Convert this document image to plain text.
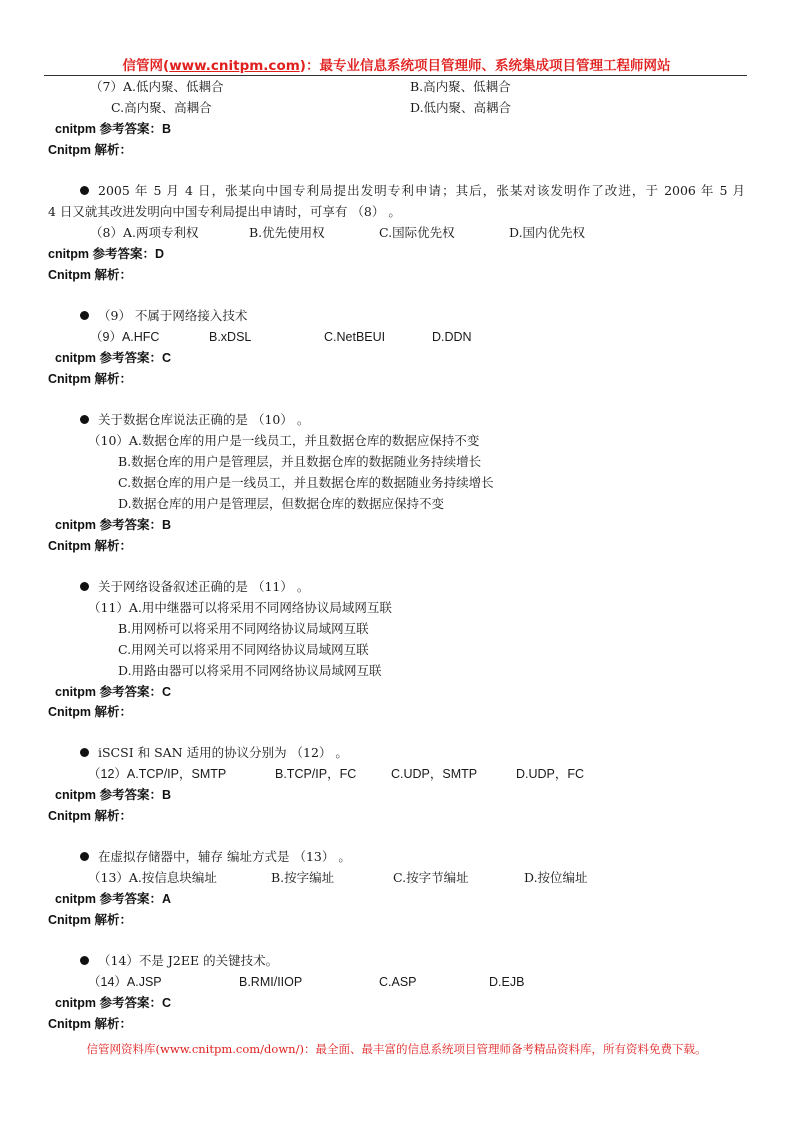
信管网(www.cnitpm.com)：最专业信息系统项目管理师、系统集成项目管理工程师网站
（7）A.低内聚、低耦合	B.高内聚、低耦合
C.高内聚、高耦合	D.低内聚、高耦合
cnitpm 参考答案：B
Cnitpm 解析：
2005 年 5 月 4 日，张某向中国专利局提出发明专利申请；其后，张某对该发明作了改进，于 2006 年 5 月
4 日又就其改进发明向中国专利局提出申请时，可享有 （8） 。
（8）A.两项专利权	B.优先使用权	C.国际优先权	D.国内优先权
cnitpm 参考答案：D
Cnitpm 解析：
（9） 不属于网络接入技术
（9）A.HFC	B.xDSL	C.NetBEUI	D.DDN
cnitpm 参考答案：C
Cnitpm 解析：
关于数据仓库说法正确的是 （10） 。
（10）A.数据仓库的用户是一线员工，并且数据仓库的数据应保持不变
B.数据仓库的用户是管理层，并且数据仓库的数据随业务持续增长
C.数据仓库的用户是一线员工，并且数据仓库的数据随业务持续增长
D.数据仓库的用户是管理层，但数据仓库的数据应保持不变
cnitpm 参考答案：B
Cnitpm 解析：
关于网络设备叙述正确的是 （11） 。
（11）A.用中继器可以将采用不同网络协议局域网互联
B.用网桥可以将采用不同网络协议局域网互联
C.用网关可以将采用不同网络协议局域网互联
D.用路由器可以将采用不同网络协议局域网互联
cnitpm 参考答案：C
Cnitpm 解析：
iSCSI 和 SAN 适用的协议分别为 （12） 。
（12）A.TCP/IP，SMTP	B.TCP/IP，FC	C.UDP，SMTP	D.UDP，FC
cnitpm 参考答案：B
Cnitpm 解析：
在虚拟存储器中，辅存 编址方式是 （13） 。
（13）A.按信息块编址	B.按字编址	C.按字节编址	D.按位编址
cnitpm 参考答案：A
Cnitpm 解析：
（14）不是 J2EE 的关键技术。
（14）A.JSP	B.RMI/IIOP	C.ASP	D.EJB
cnitpm 参考答案：C
Cnitpm 解析：
信管网资料库(www.cnitpm.com/down/)：最全面、最丰富的信息系统项目管理师备考精品资料库，所有资料免费下载。
